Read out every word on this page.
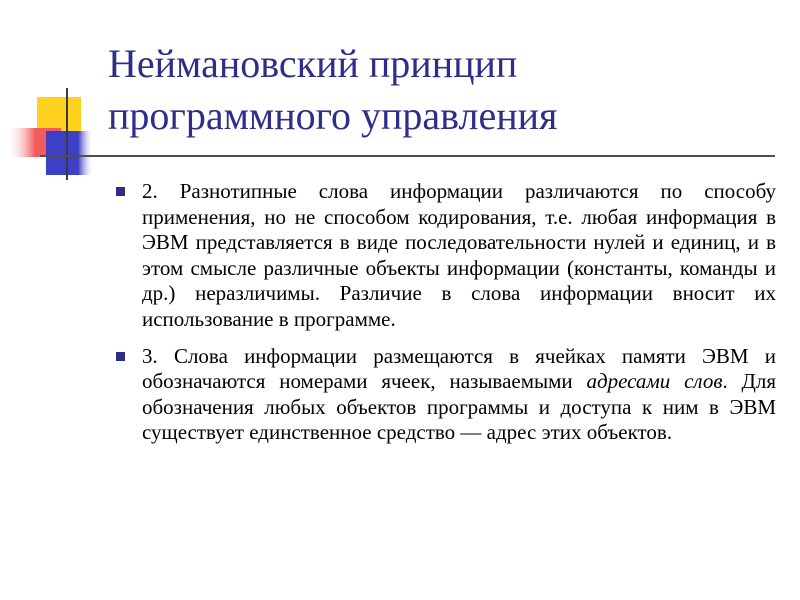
Неймановский принцип программного управления
2. Разнотипные слова информации различаются по способу применения, но не способом кодирования, т.е. любая информация в ЭВМ представляется в виде последовательности нулей и единиц, и в этом смысле различные объекты информации (константы, команды и др.) неразличимы. Различие в слова информации вносит их использование в программе.
3. Слова информации размещаются в ячейках памяти ЭВМ и обозначаются номерами ячеек, называемыми адресами слов. Для обозначения любых объектов программы и доступа к ним в ЭВМ существует единственное средство — адрес этих объектов.
